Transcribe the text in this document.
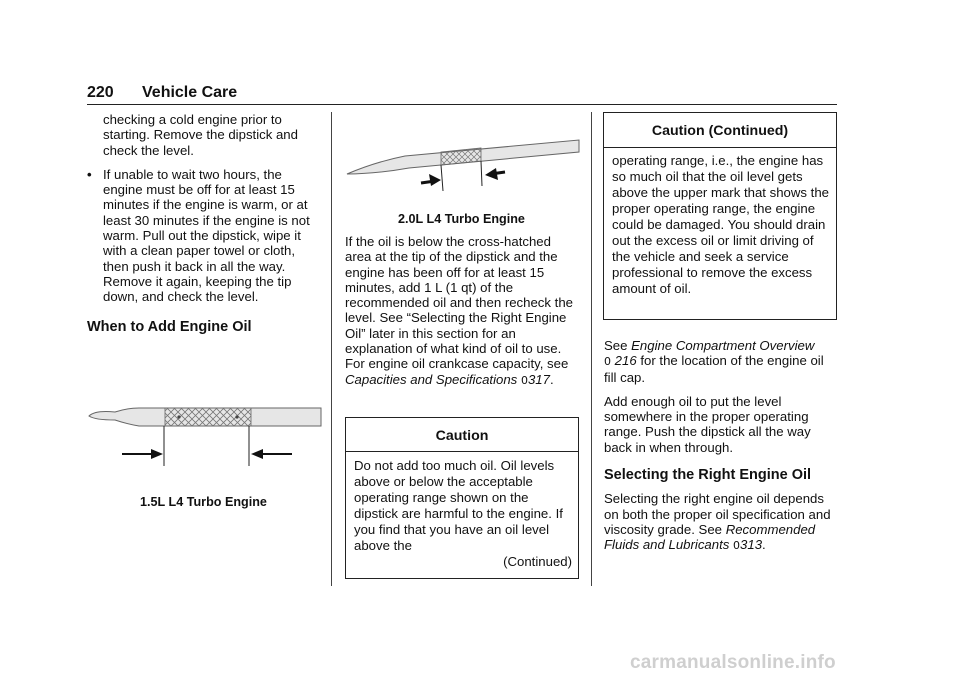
220 Vehicle Care

checking a cold engine prior to starting. Remove the dipstick and check the level.

• If unable to wait two hours, the engine must be off for at least 15 minutes if the engine is warm, or at least 30 minutes if the engine is not warm. Pull out the dipstick, wipe it with a clean paper towel or cloth, then push it back in all the way. Remove it again, keeping the tip down, and check the level.

When to Add Engine Oil
1.5L L4 Turbo Engine
2.0L L4 Turbo Engine

If the oil is below the cross-hatched area at the tip of the dipstick and the engine has been off for at least 15 minutes, add 1 L (1 qt) of the recommended oil and then recheck the level. See “Selecting the Right Engine Oil” later in this section for an explanation of what kind of oil to use. For engine oil crankcase capacity, see Capacities and Specifications 0317.

Caution
Do not add too much oil. Oil levels above or below the acceptable operating range shown on the dipstick are harmful to the engine. If you find that you have an oil level above the
(Continued)
Caution (Continued)
operating range, i.e., the engine has so much oil that the oil level gets above the upper mark that shows the proper operating range, the engine could be damaged. You should drain out the excess oil or limit driving of the vehicle and seek a service professional to remove the excess amount of oil.

See Engine Compartment Overview
0 216 for the location of the engine oil fill cap.

Add enough oil to put the level somewhere in the proper operating range. Push the dipstick all the way back in when through.

Selecting the Right Engine Oil

Selecting the right engine oil depends on both the proper oil specification and viscosity grade. See Recommended Fluids and Lubricants 0313.

carmanualsonline.info
